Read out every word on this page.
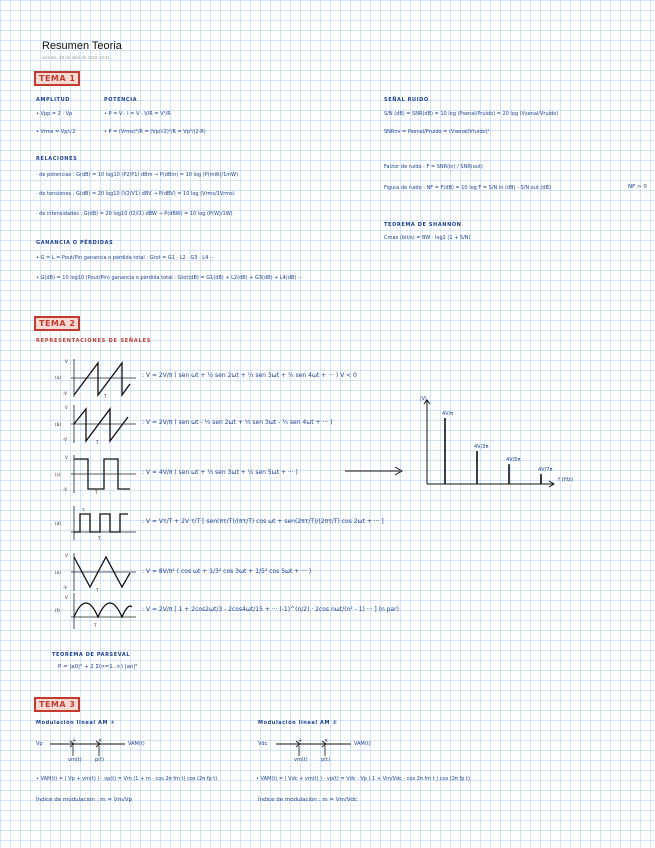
Resumen Teoria
viernes, 29 de abril de 2022 13:41
TEMA 1
AMPLITUD
• Vpp = 2 · Vp
• Vrms = Vp/√2
POTENCIA
• P = V · I = V · V/R = V²/R
• P = (Vrms)²/R = (Vp/√2)²/R = Vp²/(2·R)
SEÑAL RUIDO
S/N (dB) = SNR(dB) = 10 log (Psenal/Pruido) = 20 log (Vsenal/Vruido)
SNRnv = Psenal/Pruido = (Vsenal/Vruido)²
RELACIONES
· de potencias : G(dB) = 10 log10 (P2/P1) dBm → P(dBm) = 10 log (P(mW)/1mW)
· de tensiones : G(dB) = 20 log10 (V2/V1) dBV → P(dBV) = 10 log (Vrms/1Vrms)
· de intensidades : G(dB) = 20 log10 (I2/I1) dBW → P(dBW) = 10 log (P(W)/1W)
Factor de ruido : F = SNR(in) / SNR(out)
Figura de ruido : NF = F(dB) = 10 log F = S/N in (dB) - S/N out (dB)	NF > 0
TEOREMA DE SHANNON
Cmax (bit/s) = BW · log2 (1 + S/N)
GANANCIA O PÉRDIDAS
• G = L = Pout/Pin ganancia o pérdida total : Gtot = G1 · L2 · G3 · L4 ···
• G(dB) = 10 log10 (Pout/Pin) ganancia o pérdida total : Gtot(dB) = G1(dB) + L2(dB) + G3(dB) + L4(dB) ···
TEMA 2
REPRESENTACIONES DE SEÑALES
(a)
V
-V
T
: V = 2V/π ( sen ωt + ½ sen 2ωt + ⅓ sen 3ωt + ¼ sen 4ωt + ··· ) V < 0
(b)
V
-V
T
: V = 2V/π ( sen ωt - ½ sen 2ωt + ⅓ sen 3ωt - ¼ sen 4ωt + ··· )
(c)
V
-V
T
: V = 4V/π ( sen ωt + ⅓ sen 3ωt + ⅕ sen 5ωt + ··· )
|V|
f (Hz)
4V/π
4V/3π
4V/5π
4V/7π
(d)
T
τ
: V = Vτ/T + 2V τ/T [ sen(πτ/T)/(πτ/T) cos ωt + sen(2πτ/T)/(2πτ/T) cos 2ωt + ··· ]
(e)
V
-V
T
: V = 8V/π² ( cos ωt + 1/3² cos 3ωt + 1/5² cos 5ωt + ··· )
(f)
V
T
: V = 2V/π [ 1 + 2cos2ωt/3 - 2cos4ωt/15 + ··· (-1)^(n/2) · 2cos nωt/(n² - 1) ··· ] (n par)
TEOREMA DE PARSEVAL
P = |a0|² + 2 Σ(n=1..∞) |an|²
TEMA 3
Modulación lineal AM ①
Vp	+	×	VAM(t)
vm(t)	p(t)
• VAM(t) = ( Vp + vm(t) ) · vp(t) = Vm (1 + m · cos 2π fm t) cos (2π fp t)
Índice de modulación : m = Vm/Vp
Modulación lineal AM ②
Vdc	+	×	VAM(t)
vm(t)	p(t)
• VAM(t) = ( Vdc + vm(t) ) · vp(t) = Vdc · Vp ( 1 + Vm/Vdc · cos 2π fm t ) cos (2π fp t)
Índice de modulación : m = Vm/Vdc
